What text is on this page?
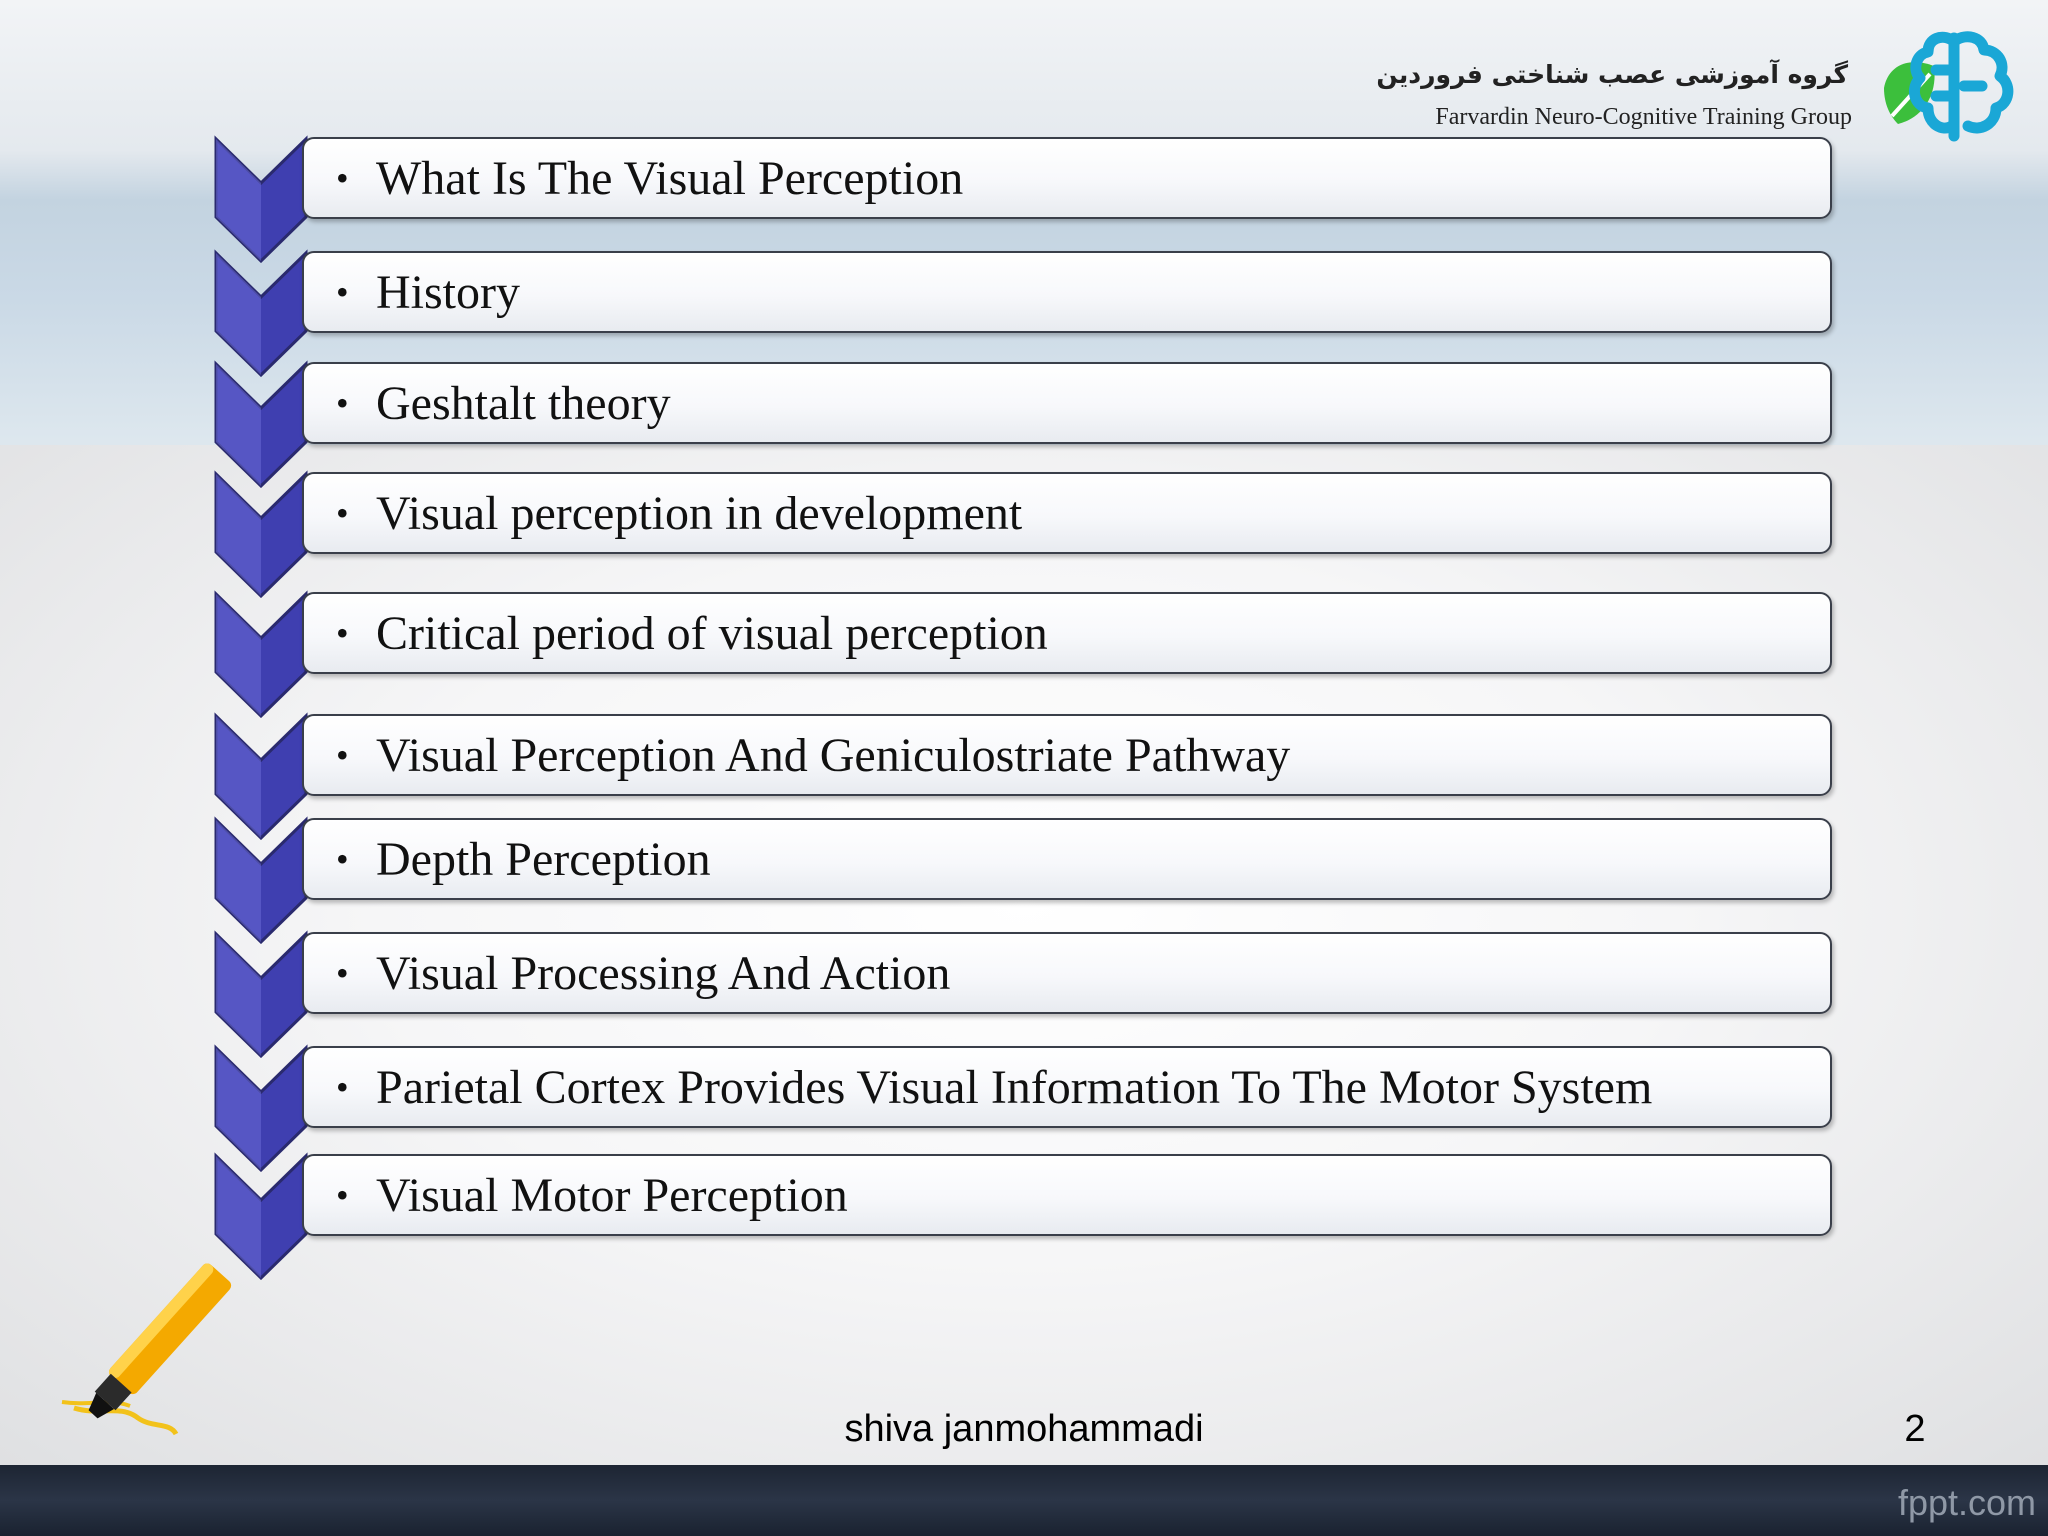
fppt.com
گروه آموزشی عصب شناختی فروردین
Farvardin Neuro-Cognitive Training Group
• What Is The Visual Perception
• History
• Geshtalt theory
• Visual perception in development
• Critical period of visual perception
• Visual Perception And Geniculostriate Pathway
• Depth Perception
• Visual Processing And Action
• Parietal Cortex Provides Visual Information To The Motor System
• Visual Motor Perception
shiva janmohammadi	2
